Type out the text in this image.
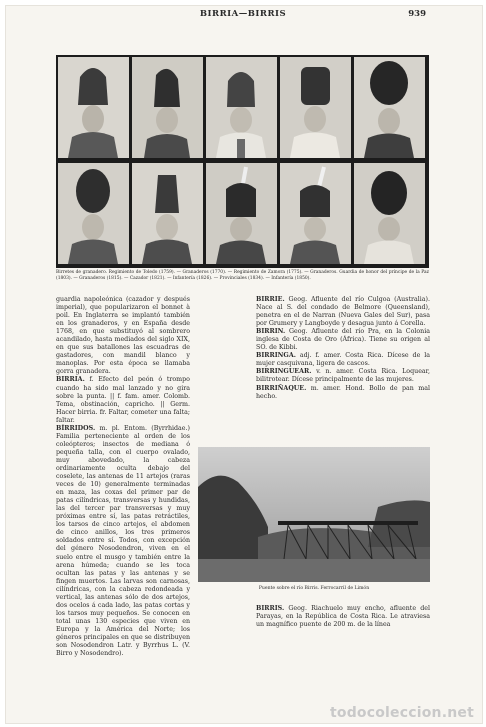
BIRRIA—BIRRIS	939
Birretes de granadero. Regimiento de Toledo (1759). — Granaderos (1770). — Regimiento de Zamora (1775). — Granaderos. Guardia de honor del príncipe de la Paz (1803). — Granaderos (1815). — Cazador (1821). — Infantería (1826). — Provinciales (1834). — Infantería (1850).

guardia napoleónica (cazador y después imperial), que popularizaron el bonnet à poil. En Inglaterra se implantó también en los granaderos, y en España desde 1768, en que substituyó al sombrero acandilado, hasta mediados del siglo XIX, en que sus batallones las escuadras de gastadores, con mandil blanco y manoplas. Por esta época se llamaba gorra granadera.

BIRRIA. f. Efecto del peón ó trompo cuando ha sido mal lanzado y no gira sobre la punta. || f. fam. amer. Colomb. Tema, obstinación, capricho. || Germ. Hacer birria. fr. Faltar, cometer una falta; faltar.

BÍRRIDOS. m. pl. Entom. (Byrrhidae.) Familia perteneciente al orden de los coleópteros; insectos de mediana ó pequeña talla, con el cuerpo ovalado, muy abovedado, la cabeza ordinariamente oculta debajo del coselete, las antenas de 11 artejos (raras veces de 10) generalmente terminadas en maza, las coxas del primer par de patas cilíndricas, transversas y hundidas, las del tercer par transversas y muy próximas entre sí, las patas retráctiles, los tarsos de cinco artejos, el abdomen de cinco anillos, los tres primeros soldados entre sí. Todos, con excepción del género Nosodendron, viven en el suelo entre el musgo y también entre la arena húmeda; cuando se les toca ocultan las patas y las antenas y se fingen muertos. Las larvas son carnosas, cilíndricas, con la cabeza redondeada y vertical, las antenas sólo de dos artejos, dos ocelos á cada lado, las patas cortas y los tarsos muy pequeños. Se conocen en total unas 130 especies que viven en Europa y la América del Norte; los géneros principales en que se distribuyen son Nosodendron Latr. y Byrrhus L. (V. Birro y Nosodendro).

BIRRIE. Geog. Afluente del río Culgoa (Australia). Nace al S. del condado de Belmore (Queensland), penetra en el de Narran (Nueva Gales del Sur), pasa por Grumery y Langboyde y desagua junto á Corella.

BIRRIN. Geog. Afluente del río Pra, en la Colonia inglesa de Costa de Oro (África). Tiene su origen al SO. de Kibbi.

BIRRINGA. adj. f. amer. Costa Rica. Dícese de la mujer casquivana, ligera de cascos.

BIRRINGUEAR. v. n. amer. Costa Rica. Loquear, bilitrotear. Dícese principalmente de las mujeres.

BIRRIÑAQUE. m. amer. Hond. Bollo de pan mal hecho.

Puente sobre el río Birris. Ferrocarril de Limón

BIRRIS. Geog. Riachuelo muy encho, afluente del Parayas, en la República de Costa Rica. Le atraviesa un magnífico puente de 200 m. de la línea

todocoleccion.net
